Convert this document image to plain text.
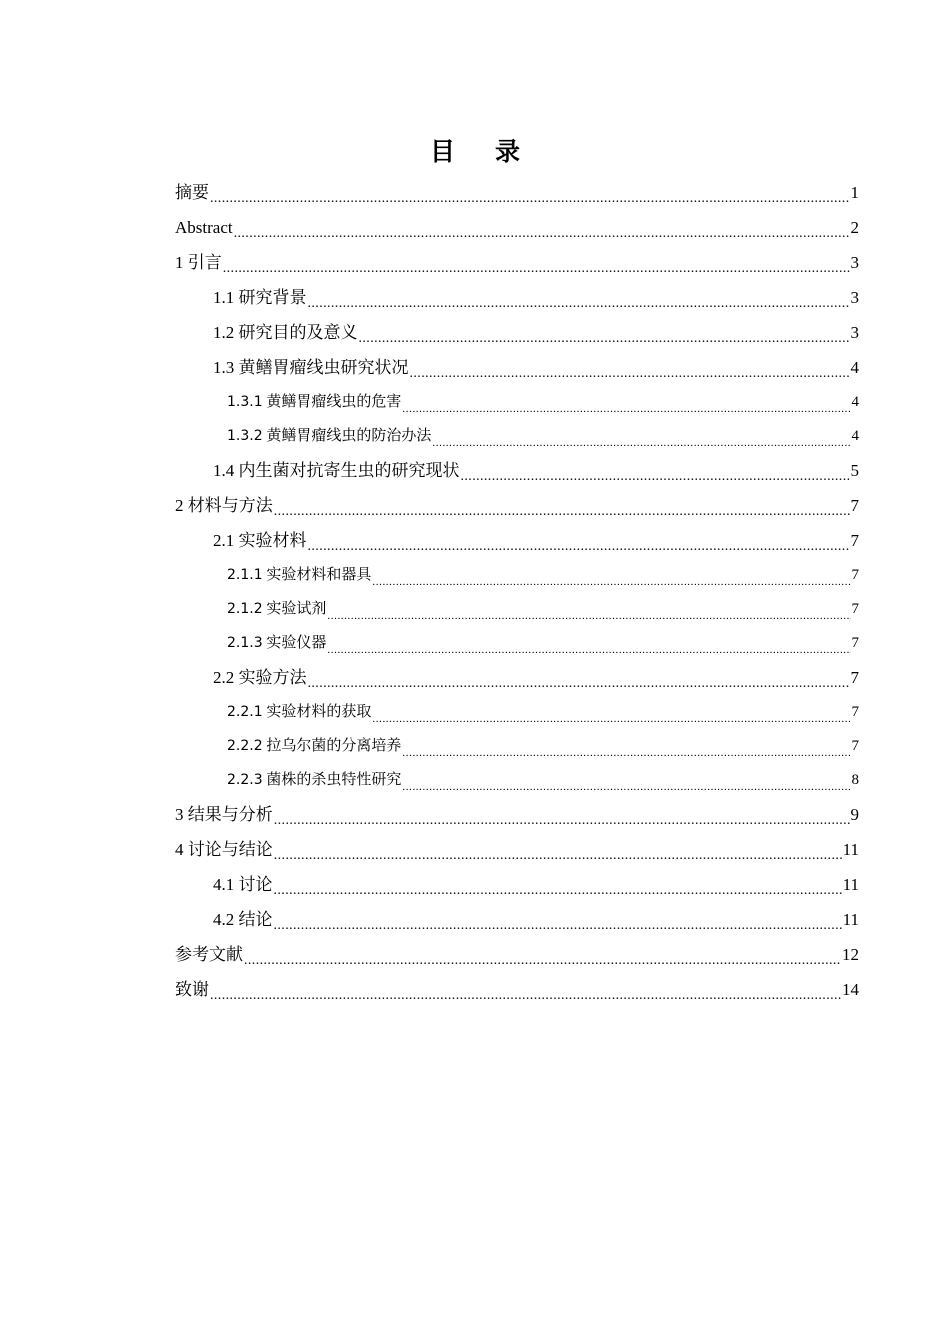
目 录
摘要 .....	1
Abstract .....	2
1 引言 .....	3
1.1 研究背景 .....	3
1.2 研究目的及意义 .....	3
1.3 黄鳝胃瘤线虫研究状况 .....	4
1.3.1 黄鳝胃瘤线虫的危害 .....	4
1.3.2 黄鳝胃瘤线虫的防治办法 .....	4
1.4 内生菌对抗寄生虫的研究现状 .....	5
2 材料与方法 .....	7
2.1 实验材料 .....	7
2.1.1 实验材料和器具 .....	7
2.1.2 实验试剂 .....	7
2.1.3 实验仪器 .....	7
2.2 实验方法 .....	7
2.2.1 实验材料的获取 .....	7
2.2.2 拉乌尔菌的分离培养 .....	7
2.2.3 菌株的杀虫特性研究 .....	8
3 结果与分析 .....	9
4 讨论与结论 .....	11
4.1 讨论 .....	11
4.2 结论 .....	11
参考文献 .....	12
致谢 .....	14
